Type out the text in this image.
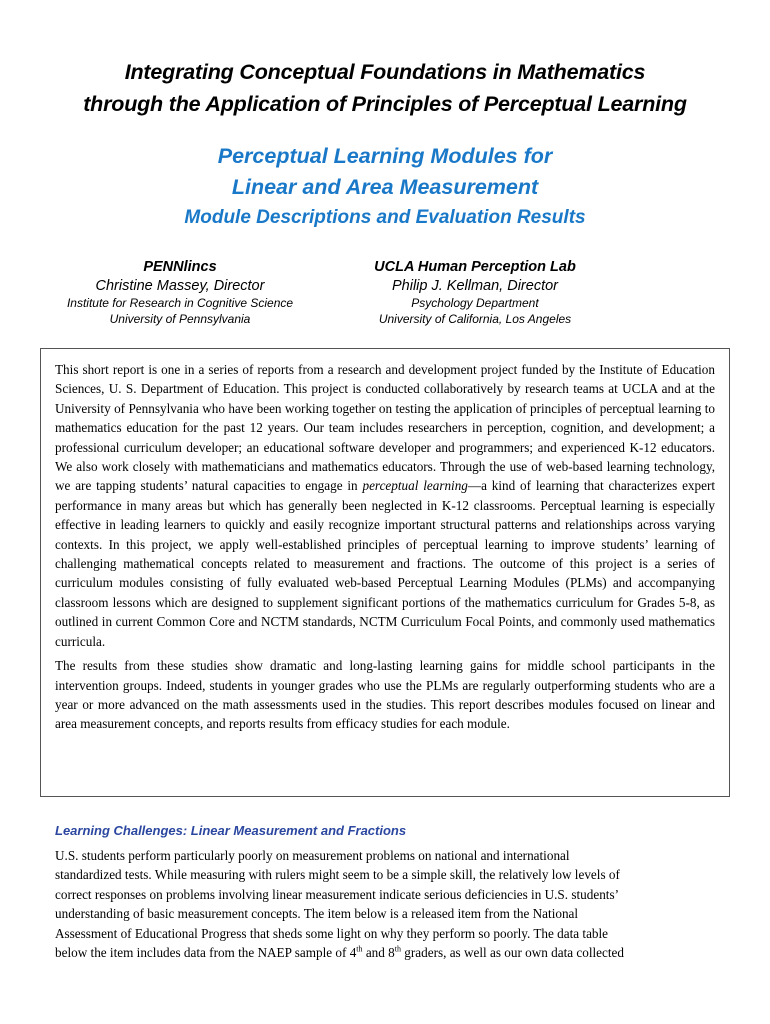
Integrating Conceptual Foundations in Mathematics
through the Application of Principles of Perceptual Learning
Perceptual Learning Modules for
Linear and Area Measurement
Module Descriptions and Evaluation Results
PENNlincs
Christine Massey, Director
Institute for Research in Cognitive Science
University of Pennsylvania
UCLA Human Perception Lab
Philip J. Kellman, Director
Psychology Department
University of California, Los Angeles

This short report is one in a series of reports from a research and development project funded by the Institute of Education Sciences, U. S. Department of Education. This project is conducted collaboratively by research teams at UCLA and at the University of Pennsylvania who have been working together on testing the application of principles of perceptual learning to mathematics education for the past 12 years. Our team includes researchers in perception, cognition, and development; a professional curriculum developer; an educational software developer and programmers; and experienced K-12 educators. We also work closely with mathematicians and mathematics educators. Through the use of web-based learning technology, we are tapping students’ natural capacities to engage in perceptual learning—a kind of learning that characterizes expert performance in many areas but which has generally been neglected in K-12 classrooms. Perceptual learning is especially effective in leading learners to quickly and easily recognize important structural patterns and relationships across varying contexts. In this project, we apply well-established principles of perceptual learning to improve students’ learning of challenging mathematical concepts related to measurement and fractions. The outcome of this project is a series of curriculum modules consisting of fully evaluated web-based Perceptual Learning Modules (PLMs) and accompanying classroom lessons which are designed to supplement significant portions of the mathematics curriculum for Grades 5-8, as outlined in current Common Core and NCTM standards, NCTM Curriculum Focal Points, and commonly used mathematics curricula.

The results from these studies show dramatic and long-lasting learning gains for middle school participants in the intervention groups. Indeed, students in younger grades who use the PLMs are regularly outperforming students who are a year or more advanced on the math assessments used in the studies. This report describes modules focused on linear and area measurement concepts, and reports results from efficacy studies for each module.

Learning Challenges: Linear Measurement and Fractions
U.S. students perform particularly poorly on measurement problems on national and international
standardized tests. While measuring with rulers might seem to be a simple skill, the relatively low levels of
correct responses on problems involving linear measurement indicate serious deficiencies in U.S. students’
understanding of basic measurement concepts. The item below is a released item from the National
Assessment of Educational Progress that sheds some light on why they perform so poorly. The data table
below the item includes data from the NAEP sample of 4th and 8th graders, as well as our own data collected
